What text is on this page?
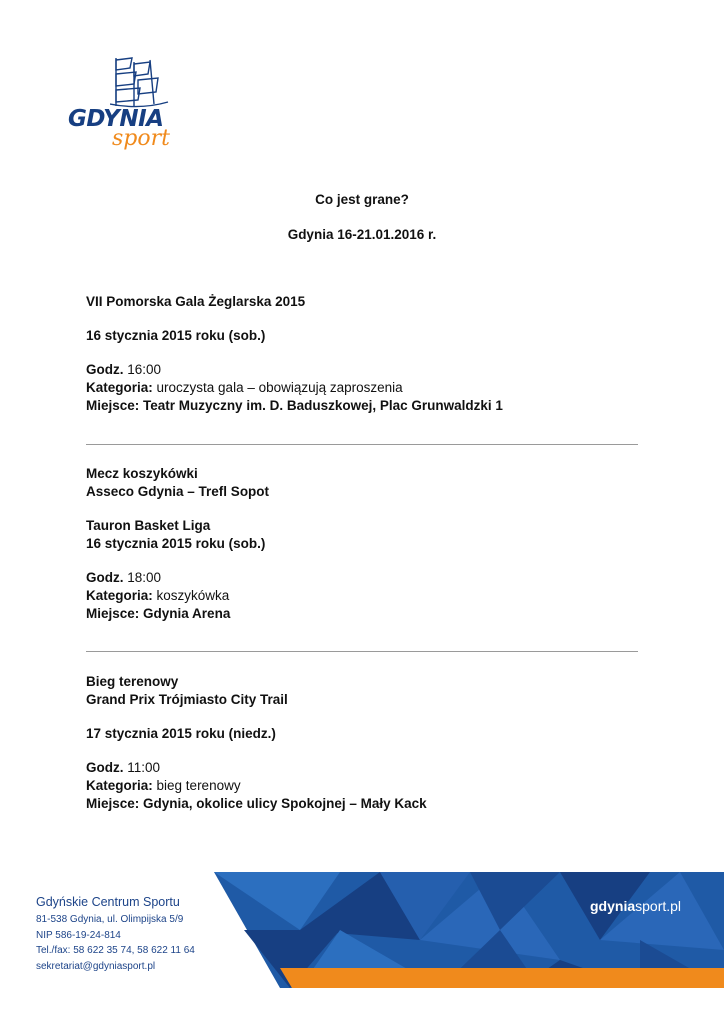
GDYNIA
sport
Co jest grane?
Gdynia 16-21.01.2016 r.

VII Pomorska Gala Żeglarska 2015

16 stycznia 2015 roku (sob.)

Godz. 16:00

Kategoria: uroczysta gala – obowiązują zaproszenia

Miejsce: Teatr Muzyczny im. D. Baduszkowej, Plac Grunwaldzki 1

Mecz koszykówki

Asseco Gdynia – Trefl Sopot

Tauron Basket Liga

16 stycznia 2015 roku (sob.)

Godz. 18:00

Kategoria: koszykówka

Miejsce: Gdynia Arena

Bieg terenowy

Grand Prix Trójmiasto City Trail

17 stycznia 2015 roku (niedz.)

Godz. 11:00

Kategoria: bieg terenowy

Miejsce: Gdynia, okolice ulicy Spokojnej – Mały Kack

gdyniasport.pl

Gdyńskie Centrum Sportu

81-538 Gdynia, ul. Olimpijska 5/9

NIP 586-19-24-814

Tel./fax: 58 622 35 74, 58 622 11 64

sekretariat@gdyniasport.pl
